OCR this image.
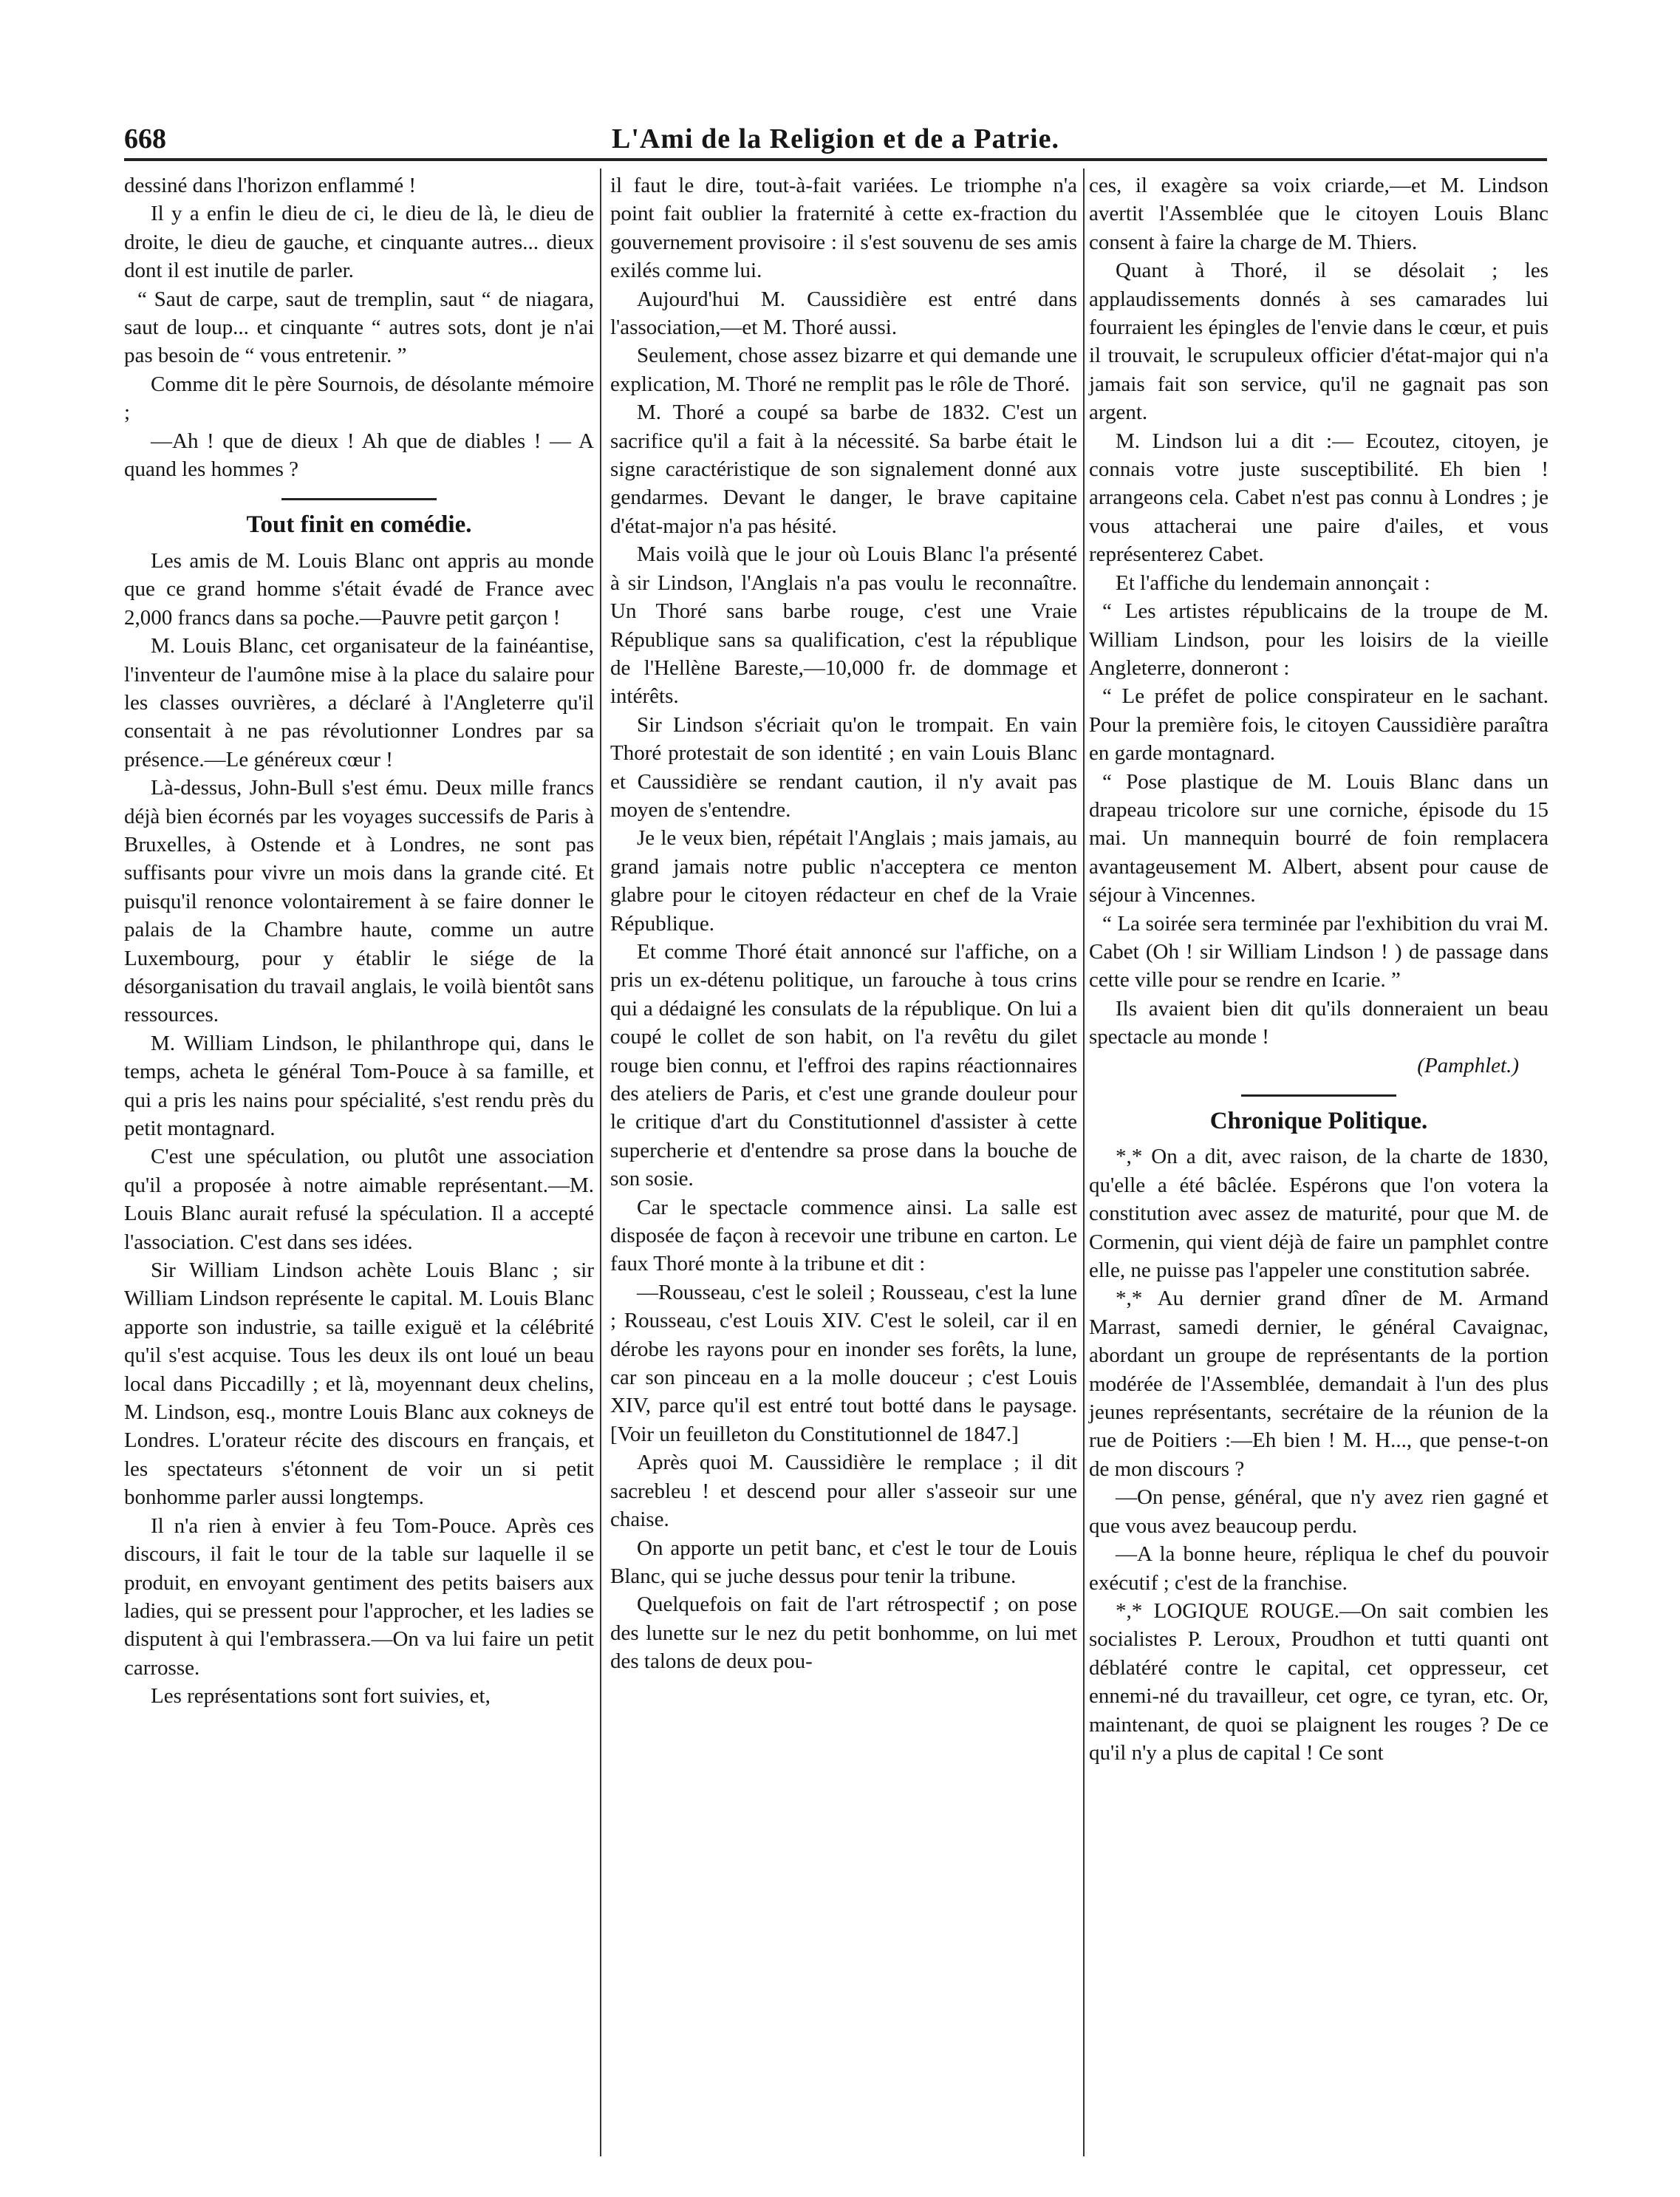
668	L'Ami de la Religion et de a Patrie.

dessiné dans l'horizon enflammé !

Il y a enfin le dieu de ci, le dieu de là, le dieu de droite, le dieu de gauche, et cinquante autres... dieux dont il est inutile de parler.

“ Saut de carpe, saut de tremplin, saut “ de niagara, saut de loup... et cinquante “ autres sots, dont je n'ai pas besoin de “ vous entretenir. ”

Comme dit le père Sournois, de désolante mémoire ;

—Ah ! que de dieux ! Ah que de diables ! — A quand les hommes ?

Tout finit en comédie.

Les amis de M. Louis Blanc ont appris au monde que ce grand homme s'était évadé de France avec 2,000 francs dans sa poche.—Pauvre petit garçon !

M. Louis Blanc, cet organisateur de la fainéantise, l'inventeur de l'aumône mise à la place du salaire pour les classes ouvrières, a déclaré à l'Angleterre qu'il consentait à ne pas révolutionner Londres par sa présence.—Le généreux cœur !

Là-dessus, John-Bull s'est ému. Deux mille francs déjà bien écornés par les voyages successifs de Paris à Bruxelles, à Ostende et à Londres, ne sont pas suffisants pour vivre un mois dans la grande cité. Et puisqu'il renonce volontairement à se faire donner le palais de la Chambre haute, comme un autre Luxembourg, pour y établir le siége de la désorganisation du travail anglais, le voilà bientôt sans ressources.

M. William Lindson, le philanthrope qui, dans le temps, acheta le général Tom-Pouce à sa famille, et qui a pris les nains pour spécialité, s'est rendu près du petit montagnard.

C'est une spéculation, ou plutôt une association qu'il a proposée à notre aimable représentant.—M. Louis Blanc aurait refusé la spéculation. Il a accepté l'association. C'est dans ses idées.

Sir William Lindson achète Louis Blanc ; sir William Lindson représente le capital. M. Louis Blanc apporte son industrie, sa taille exiguë et la célébrité qu'il s'est acquise. Tous les deux ils ont loué un beau local dans Piccadilly ; et là, moyennant deux chelins, M. Lindson, esq., montre Louis Blanc aux cokneys de Londres. L'orateur récite des discours en français, et les spectateurs s'étonnent de voir un si petit bonhomme parler aussi longtemps.

Il n'a rien à envier à feu Tom-Pouce. Après ces discours, il fait le tour de la table sur laquelle il se produit, en envoyant gentiment des petits baisers aux ladies, qui se pressent pour l'approcher, et les ladies se disputent à qui l'embrassera.—On va lui faire un petit carrosse.

Les représentations sont fort suivies, et,

il faut le dire, tout-à-fait variées. Le triomphe n'a point fait oublier la fraternité à cette ex-fraction du gouvernement provisoire : il s'est souvenu de ses amis exilés comme lui.

Aujourd'hui M. Caussidière est entré dans l'association,—et M. Thoré aussi.

Seulement, chose assez bizarre et qui demande une explication, M. Thoré ne remplit pas le rôle de Thoré.

M. Thoré a coupé sa barbe de 1832. C'est un sacrifice qu'il a fait à la nécessité. Sa barbe était le signe caractéristique de son signalement donné aux gendarmes. Devant le danger, le brave capitaine d'état-major n'a pas hésité.

Mais voilà que le jour où Louis Blanc l'a présenté à sir Lindson, l'Anglais n'a pas voulu le reconnaître. Un Thoré sans barbe rouge, c'est une Vraie République sans sa qualification, c'est la république de l'Hellène Bareste,—10,000 fr. de dommage et intérêts.

Sir Lindson s'écriait qu'on le trompait. En vain Thoré protestait de son identité ; en vain Louis Blanc et Caussidière se rendant caution, il n'y avait pas moyen de s'entendre.

Je le veux bien, répétait l'Anglais ; mais jamais, au grand jamais notre public n'acceptera ce menton glabre pour le citoyen rédacteur en chef de la Vraie République.

Et comme Thoré était annoncé sur l'affiche, on a pris un ex-détenu politique, un farouche à tous crins qui a dédaigné les consulats de la république. On lui a coupé le collet de son habit, on l'a revêtu du gilet rouge bien connu, et l'effroi des rapins réactionnaires des ateliers de Paris, et c'est une grande douleur pour le critique d'art du Constitutionnel d'assister à cette supercherie et d'entendre sa prose dans la bouche de son sosie.

Car le spectacle commence ainsi. La salle est disposée de façon à recevoir une tribune en carton. Le faux Thoré monte à la tribune et dit :

—Rousseau, c'est le soleil ; Rousseau, c'est la lune ; Rousseau, c'est Louis XIV. C'est le soleil, car il en dérobe les rayons pour en inonder ses forêts, la lune, car son pinceau en a la molle douceur ; c'est Louis XIV, parce qu'il est entré tout botté dans le paysage. [Voir un feuilleton du Constitutionnel de 1847.]

Après quoi M. Caussidière le remplace ; il dit sacrebleu ! et descend pour aller s'asseoir sur une chaise.

On apporte un petit banc, et c'est le tour de Louis Blanc, qui se juche dessus pour tenir la tribune.

Quelquefois on fait de l'art rétrospectif ; on pose des lunette sur le nez du petit bonhomme, on lui met des talons de deux pou-

ces, il exagère sa voix criarde,—et M. Lindson avertit l'Assemblée que le citoyen Louis Blanc consent à faire la charge de M. Thiers.

Quant à Thoré, il se désolait ; les applaudissements donnés à ses camarades lui fourraient les épingles de l'envie dans le cœur, et puis il trouvait, le scrupuleux officier d'état-major qui n'a jamais fait son service, qu'il ne gagnait pas son argent.

M. Lindson lui a dit :— Ecoutez, citoyen, je connais votre juste susceptibilité. Eh bien ! arrangeons cela. Cabet n'est pas connu à Londres ; je vous attacherai une paire d'ailes, et vous représenterez Cabet.

Et l'affiche du lendemain annonçait :

“ Les artistes républicains de la troupe de M. William Lindson, pour les loisirs de la vieille Angleterre, donneront :

“ Le préfet de police conspirateur en le sachant. Pour la première fois, le citoyen Caussidière paraîtra en garde montagnard.

“ Pose plastique de M. Louis Blanc dans un drapeau tricolore sur une corniche, épisode du 15 mai. Un mannequin bourré de foin remplacera avantageusement M. Albert, absent pour cause de séjour à Vincennes.

“ La soirée sera terminée par l'exhibition du vrai M. Cabet (Oh ! sir William Lindson ! ) de passage dans cette ville pour se rendre en Icarie. ”

Ils avaient bien dit qu'ils donneraient un beau spectacle au monde !

(Pamphlet.)

Chronique Politique.

*,* On a dit, avec raison, de la charte de 1830, qu'elle a été bâclée. Espérons que l'on votera la constitution avec assez de maturité, pour que M. de Cormenin, qui vient déjà de faire un pamphlet contre elle, ne puisse pas l'appeler une constitution sabrée.

*,* Au dernier grand dîner de M. Armand Marrast, samedi dernier, le général Cavaignac, abordant un groupe de représentants de la portion modérée de l'Assemblée, demandait à l'un des plus jeunes représentants, secrétaire de la réunion de la rue de Poitiers :—Eh bien ! M. H..., que pense-t-on de mon discours ?

—On pense, général, que n'y avez rien gagné et que vous avez beaucoup perdu.

—A la bonne heure, répliqua le chef du pouvoir exécutif ; c'est de la franchise.

*,* LOGIQUE ROUGE.—On sait combien les socialistes P. Leroux, Proudhon et tutti quanti ont déblatéré contre le capital, cet oppresseur, cet ennemi-né du travailleur, cet ogre, ce tyran, etc. Or, maintenant, de quoi se plaignent les rouges ? De ce qu'il n'y a plus de capital ! Ce sont
